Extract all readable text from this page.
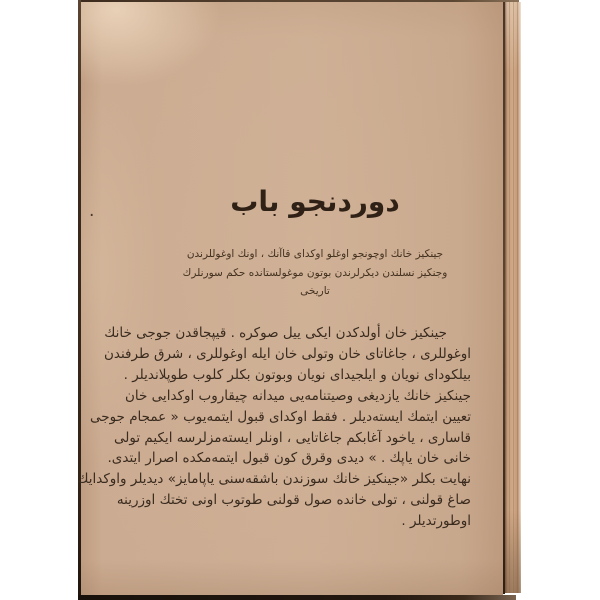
·	دوردنجو باب
جينكيز خانك اوچونجو اوغلو اوكداى قاآنك ، اونك اوغوللرندن
وجنكيز نسلندن ديكرلرندن بوتون موغولستانده حكم سورنلرك
تاريخى
جينكيز خان أولدكدن ايكى ييل صوكره . قيپجاقدن جوجى خانك
اوغوللرى ، جاغاتاى خان وتولى خان ايله اوغوللرى ، شرق طرفندن
بيلكوداى نويان و ايلجيداى نويان وبوتون بكلر كلوب طوپلانديلر .
جينكيز خانك يازديغى وصيتنامه‌يى ميدانه چيقاروب اوكدايى خان
تعيين ايتمك ايسته‌ديلر . فقط اوكداى قبول ايتمه‌يوب « عمجام جوجى
قاسارى ، ياخود آغابكم جاغاتايى ، اونلر ايسته‌مزلرسه ايكيم تولى
خانى خان ياپك . » ديدى وقرق كون قبول ايتمه‌مكده اصرار ايتدى.
نهايت بكلر «جينكيز خانك سوزندن باشقه‌سنى ياپامايز» ديديلر واوكدايك
صاغ قولنى ، تولى خانده صول قولنى طوتوب اونى تختك اوزرينه
اوطورتديلر .
